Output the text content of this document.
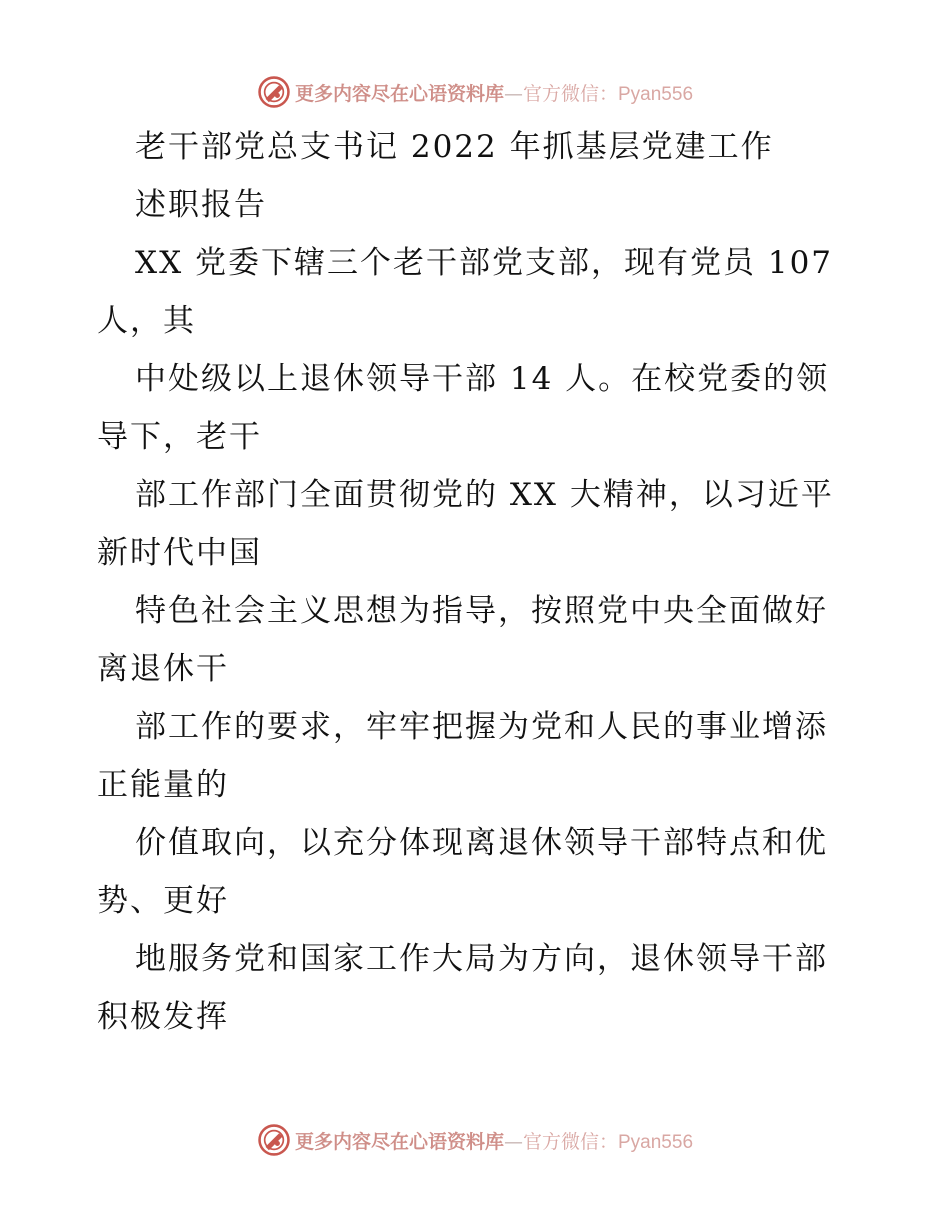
更多内容尽在心语资料库—官方微信：Pyan556
老干部党总支书记 2022 年抓基层党建工作
述职报告
XX 党委下辖三个老干部党支部，现有党员 107
人，其
中处级以上退休领导干部 14 人。在校党委的领
导下，老干
部工作部门全面贯彻党的 XX 大精神，以习近平
新时代中国
特色社会主义思想为指导，按照党中央全面做好
离退休干
部工作的要求，牢牢把握为党和人民的事业增添
正能量的
价值取向，以充分体现离退休领导干部特点和优
势、更好
地服务党和国家工作大局为方向，退休领导干部
积极发挥
更多内容尽在心语资料库—官方微信：Pyan556
